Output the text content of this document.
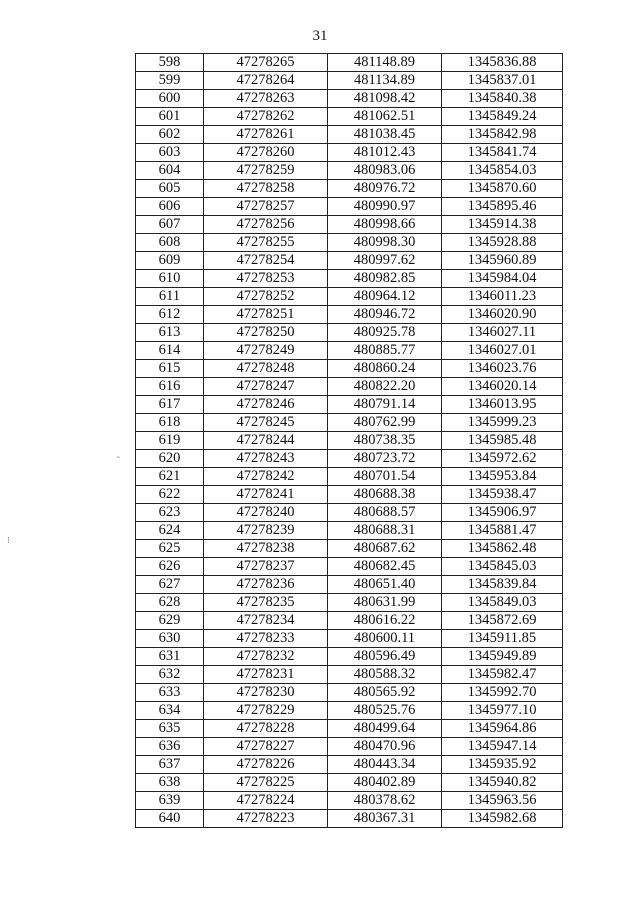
31
˜
⁝
598	47278265	481148.89	1345836.88
599	47278264	481134.89	1345837.01
600	47278263	481098.42	1345840.38
601	47278262	481062.51	1345849.24
602	47278261	481038.45	1345842.98
603	47278260	481012.43	1345841.74
604	47278259	480983.06	1345854.03
605	47278258	480976.72	1345870.60
606	47278257	480990.97	1345895.46
607	47278256	480998.66	1345914.38
608	47278255	480998.30	1345928.88
609	47278254	480997.62	1345960.89
610	47278253	480982.85	1345984.04
611	47278252	480964.12	1346011.23
612	47278251	480946.72	1346020.90
613	47278250	480925.78	1346027.11
614	47278249	480885.77	1346027.01
615	47278248	480860.24	1346023.76
616	47278247	480822.20	1346020.14
617	47278246	480791.14	1346013.95
618	47278245	480762.99	1345999.23
619	47278244	480738.35	1345985.48
620	47278243	480723.72	1345972.62
621	47278242	480701.54	1345953.84
622	47278241	480688.38	1345938.47
623	47278240	480688.57	1345906.97
624	47278239	480688.31	1345881.47
625	47278238	480687.62	1345862.48
626	47278237	480682.45	1345845.03
627	47278236	480651.40	1345839.84
628	47278235	480631.99	1345849.03
629	47278234	480616.22	1345872.69
630	47278233	480600.11	1345911.85
631	47278232	480596.49	1345949.89
632	47278231	480588.32	1345982.47
633	47278230	480565.92	1345992.70
634	47278229	480525.76	1345977.10
635	47278228	480499.64	1345964.86
636	47278227	480470.96	1345947.14
637	47278226	480443.34	1345935.92
638	47278225	480402.89	1345940.82
639	47278224	480378.62	1345963.56
640	47278223	480367.31	1345982.68
